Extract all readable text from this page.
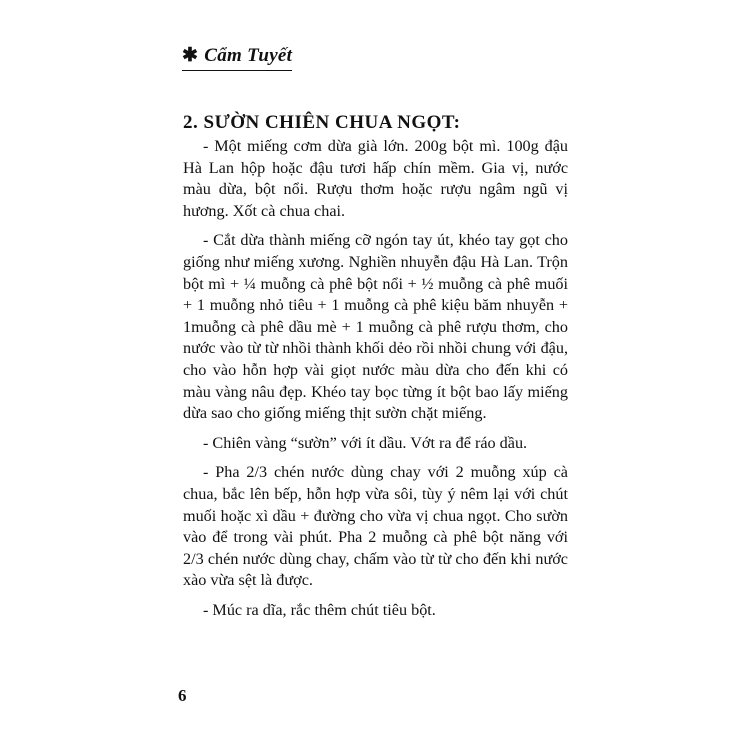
✱ Cẩm Tuyết
2. SƯỜN CHIÊN CHUA NGỌT:

- Một miếng cơm dừa già lớn. 200g bột mì. 100g đậu Hà Lan hộp hoặc đậu tươi hấp chín mềm. Gia vị, nước màu dừa, bột nổi. Rượu thơm hoặc rượu ngâm ngũ vị hương. Xốt cà chua chai.

- Cắt dừa thành miếng cỡ ngón tay út, khéo tay gọt cho giống như miếng xương. Nghiền nhuyễn đậu Hà Lan. Trộn bột mì + ¼ muỗng cà phê bột nổi + ½ muỗng cà phê muối + 1 muỗng nhỏ tiêu + 1 muỗng cà phê kiệu băm nhuyễn + 1muỗng cà phê dầu mè + 1 muỗng cà phê rượu thơm, cho nước vào từ từ nhồi thành khối dẻo rồi nhồi chung với đậu, cho vào hỗn hợp vài giọt nước màu dừa cho đến khi có màu vàng nâu đẹp. Khéo tay bọc từng ít bột bao lấy miếng dừa sao cho giống miếng thịt sườn chặt miếng.

- Chiên vàng “sườn” với ít dầu. Vớt ra để ráo dầu.

- Pha 2/3 chén nước dùng chay với 2 muỗng xúp cà chua, bắc lên bếp, hỗn hợp vừa sôi, tùy ý nêm lại với chút muối hoặc xì dầu + đường cho vừa vị chua ngọt. Cho sườn vào để trong vài phút. Pha 2 muỗng cà phê bột năng với 2/3 chén nước dùng chay, chấm vào từ từ cho đến khi nước xào vừa sệt là được.

- Múc ra dĩa, rắc thêm chút tiêu bột.

6
